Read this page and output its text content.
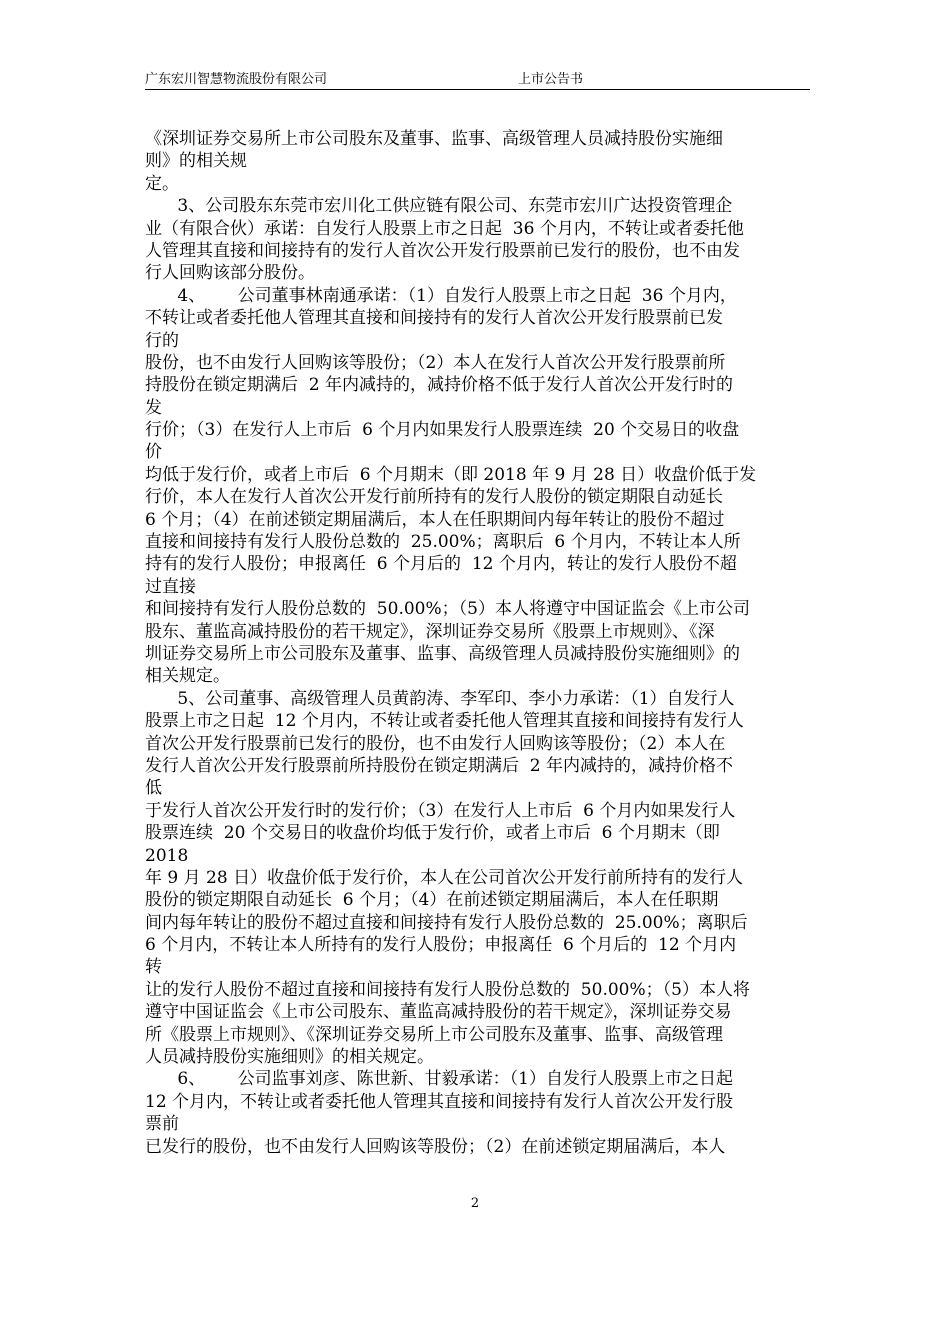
广东宏川智慧物流股份有限公司	上市公告书
《深圳证券交易所上市公司股东及董事、监事、高级管理人员减持股份实施细
则》的相关规
定。
3、公司股东东莞市宏川化工供应链有限公司、东莞市宏川广达投资管理企
业（有限合伙）承诺：自发行人股票上市之日起  36 个月内，不转让或者委托他
人管理其直接和间接持有的发行人首次公开发行股票前已发行的股份，也不由发
行人回购该部分股份。
4、      公司董事林南通承诺：（1）自发行人股票上市之日起  36 个月内，
不转让或者委托他人管理其直接和间接持有的发行人首次公开发行股票前已发
行的
股份，也不由发行人回购该等股份；（2）本人在发行人首次公开发行股票前所
持股份在锁定期满后  2 年内减持的，减持价格不低于发行人首次公开发行时的
发
行价；（3）在发行人上市后  6 个月内如果发行人股票连续  20 个交易日的收盘
价
均低于发行价，或者上市后  6 个月期末（即 2018 年 9 月 28 日）收盘价低于发
行价，本人在发行人首次公开发行前所持有的发行人股份的锁定期限自动延长
6 个月；（4）在前述锁定期届满后，本人在任职期间内每年转让的股份不超过
直接和间接持有发行人股份总数的  25.00%；离职后  6 个月内，不转让本人所
持有的发行人股份；申报离任  6 个月后的  12 个月内，转让的发行人股份不超
过直接
和间接持有发行人股份总数的  50.00%；（5）本人将遵守中国证监会《上市公司
股东、董监高减持股份的若干规定》，深圳证券交易所《股票上市规则》、《深
圳证券交易所上市公司股东及董事、监事、高级管理人员减持股份实施细则》的
相关规定。
5、公司董事、高级管理人员黄韵涛、李军印、李小力承诺：（1）自发行人
股票上市之日起  12 个月内，不转让或者委托他人管理其直接和间接持有发行人
首次公开发行股票前已发行的股份，也不由发行人回购该等股份；（2）本人在
发行人首次公开发行股票前所持股份在锁定期满后  2 年内减持的，减持价格不
低
于发行人首次公开发行时的发行价；（3）在发行人上市后  6 个月内如果发行人
股票连续  20 个交易日的收盘价均低于发行价，或者上市后  6 个月期末（即
2018
年 9 月 28 日）收盘价低于发行价，本人在公司首次公开发行前所持有的发行人
股份的锁定期限自动延长  6 个月；（4）在前述锁定期届满后，本人在任职期
间内每年转让的股份不超过直接和间接持有发行人股份总数的  25.00%；离职后
6 个月内，不转让本人所持有的发行人股份；申报离任  6 个月后的  12 个月内
转
让的发行人股份不超过直接和间接持有发行人股份总数的  50.00%；（5）本人将
遵守中国证监会《上市公司股东、董监高减持股份的若干规定》，深圳证券交易
所《股票上市规则》、《深圳证券交易所上市公司股东及董事、监事、高级管理
人员减持股份实施细则》的相关规定。
6、      公司监事刘彦、陈世新、甘毅承诺：（1）自发行人股票上市之日起
12 个月内，不转让或者委托他人管理其直接和间接持有发行人首次公开发行股
票前
已发行的股份，也不由发行人回购该等股份；（2）在前述锁定期届满后，本人
2
